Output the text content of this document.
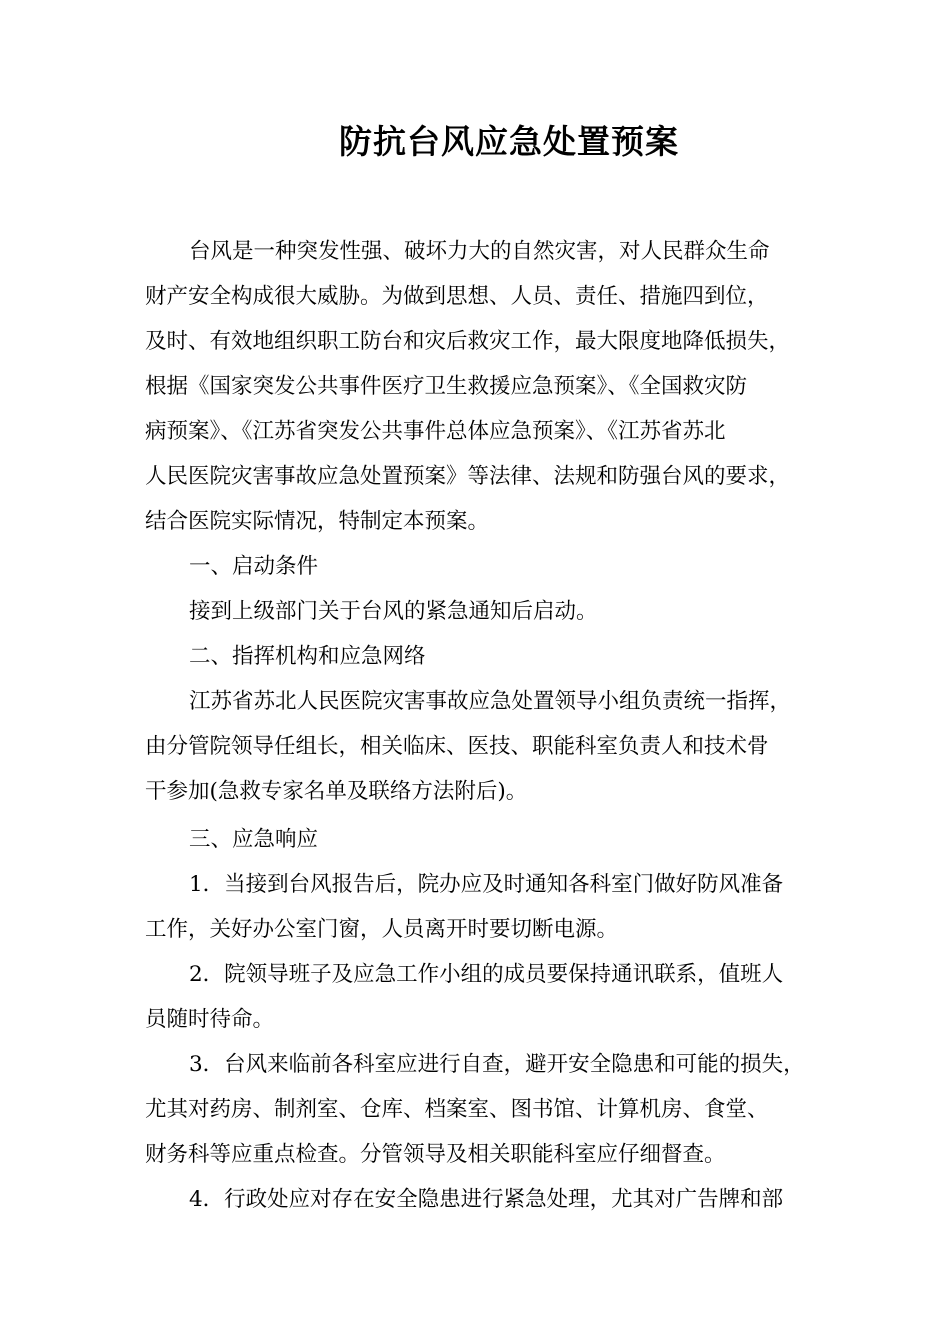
防抗台风应急处置预案
台风是一种突发性强、破坏力大的自然灾害，对人民群众生命
财产安全构成很大威胁。为做到思想、人员、责任、措施四到位，
及时、有效地组织职工防台和灾后救灾工作，最大限度地降低损失，
根据《国家突发公共事件医疗卫生救援应急预案》、《全国救灾防
病预案》、《江苏省突发公共事件总体应急预案》、《江苏省苏北
人民医院灾害事故应急处置预案》等法律、法规和防强台风的要求，
结合医院实际情况，特制定本预案。
一、启动条件
接到上级部门关于台风的紧急通知后启动。
二、指挥机构和应急网络
江苏省苏北人民医院灾害事故应急处置领导小组负责统一指挥，
由分管院领导任组长，相关临床、医技、职能科室负责人和技术骨
干参加(急救专家名单及联络方法附后)。
三、应急响应
1．当接到台风报告后，院办应及时通知各科室门做好防风准备
工作，关好办公室门窗，人员离开时要切断电源。
2．院领导班子及应急工作小组的成员要保持通讯联系，值班人
员随时待命。
3．台风来临前各科室应进行自查，避开安全隐患和可能的损失，
尤其对药房、制剂室、仓库、档案室、图书馆、计算机房、食堂、
财务科等应重点检查。分管领导及相关职能科室应仔细督查。
4．行政处应对存在安全隐患进行紧急处理，尤其对广告牌和部
